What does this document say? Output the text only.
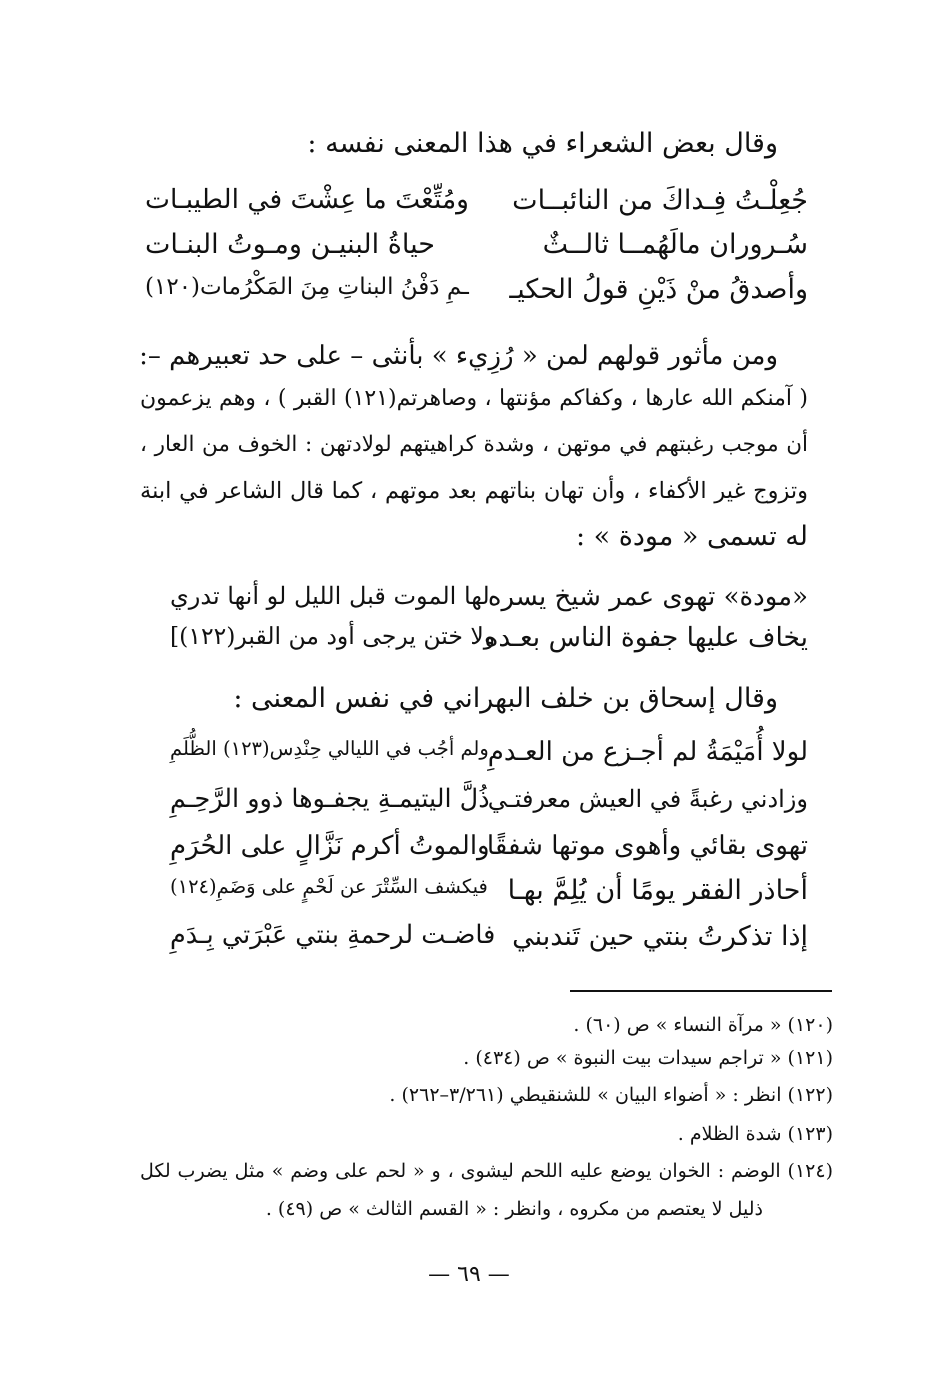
وقال بعض الشعراء في هذا المعنى نفسه :
جُعِلْـتُ فِـداكَ من النائبــات
ومُتِّعْتَ ما عِشْتَ في الطيبـات
سُـروران مالَهُمــا ثالــثٌ
حياةُ البنيـن ومـوتُ البنـات
وأصدقُ منْ ذَيْنِ قولُ الحكيـ
ـمِ دَفْنُ البناتِ مِنَ المَكْرُمات(١٢٠)
ومن مأثور قولهم لمن « رُزِيء » بأنثى – على حد تعبيرهم –:
( آمنكم الله عارها ، وكفاكم مؤنتها ، وصاهرتم(١٢١) القبر ) ، وهم يزعمون
أن موجب رغبتهم في موتهن ، وشدة كراهيتهم لولادتهن : الخوف من العار ،
وتزوج غير الأكفاء ، وأن تهان بناتهم بعد موتهم ، كما قال الشاعر في ابنة
له تسمى « مودة » :
«مودة» تهوى عمر شيخ يسره
لها الموت قبل الليل لو أنها تدري
يخاف عليها جفوة الناس بعـده
ولا ختن يرجى أود من القبر(١٢٢)]
وقال إسحاق بن خلف البهراني في نفس المعنى :
لولا أُمَيْمَةُ لم أجـزع من العـدمِ
ولم أجُب في الليالي حِنْدِس(١٢٣) الظُّلَمِ
وزادني رغبةً في العيش معرفتـي
ذُلَّ اليتيمـةِ يجفـوها ذوو الرَّحِـمِ
تهوى بقائي وأهوى موتها شفقًا
والموتُ أكرم نَزَّالٍ على الحُرَمِ
أحاذر الفقر يومًا أن يُلِمَّ بهـا
فيكشف السِّتْرَ عن لَحْمٍ على وَضَمِ(١٢٤)
إذا تذكرتُ بنتي حين تَندبني
فاضـت لرحمةِ بنتي عَبْرَتي بِـدَمِ
(١٢٠) « مرآة النساء » ص (٦٠) .
(١٢١) « تراجم سيدات بيت النبوة » ص (٤٣٤) .
(١٢٢) انظر : « أضواء البيان » للشنقيطي (٣/٢٦١–٢٦٢) .
(١٢٣) شدة الظلام .
(١٢٤) الوضم : الخوان يوضع عليه اللحم ليشوى ، و « لحم على وضم » مثل يضرب لكل
ذليل لا يعتصم من مكروه ، وانظر : « القسم الثالث » ص (٤٩) .
— ٦٩ —
